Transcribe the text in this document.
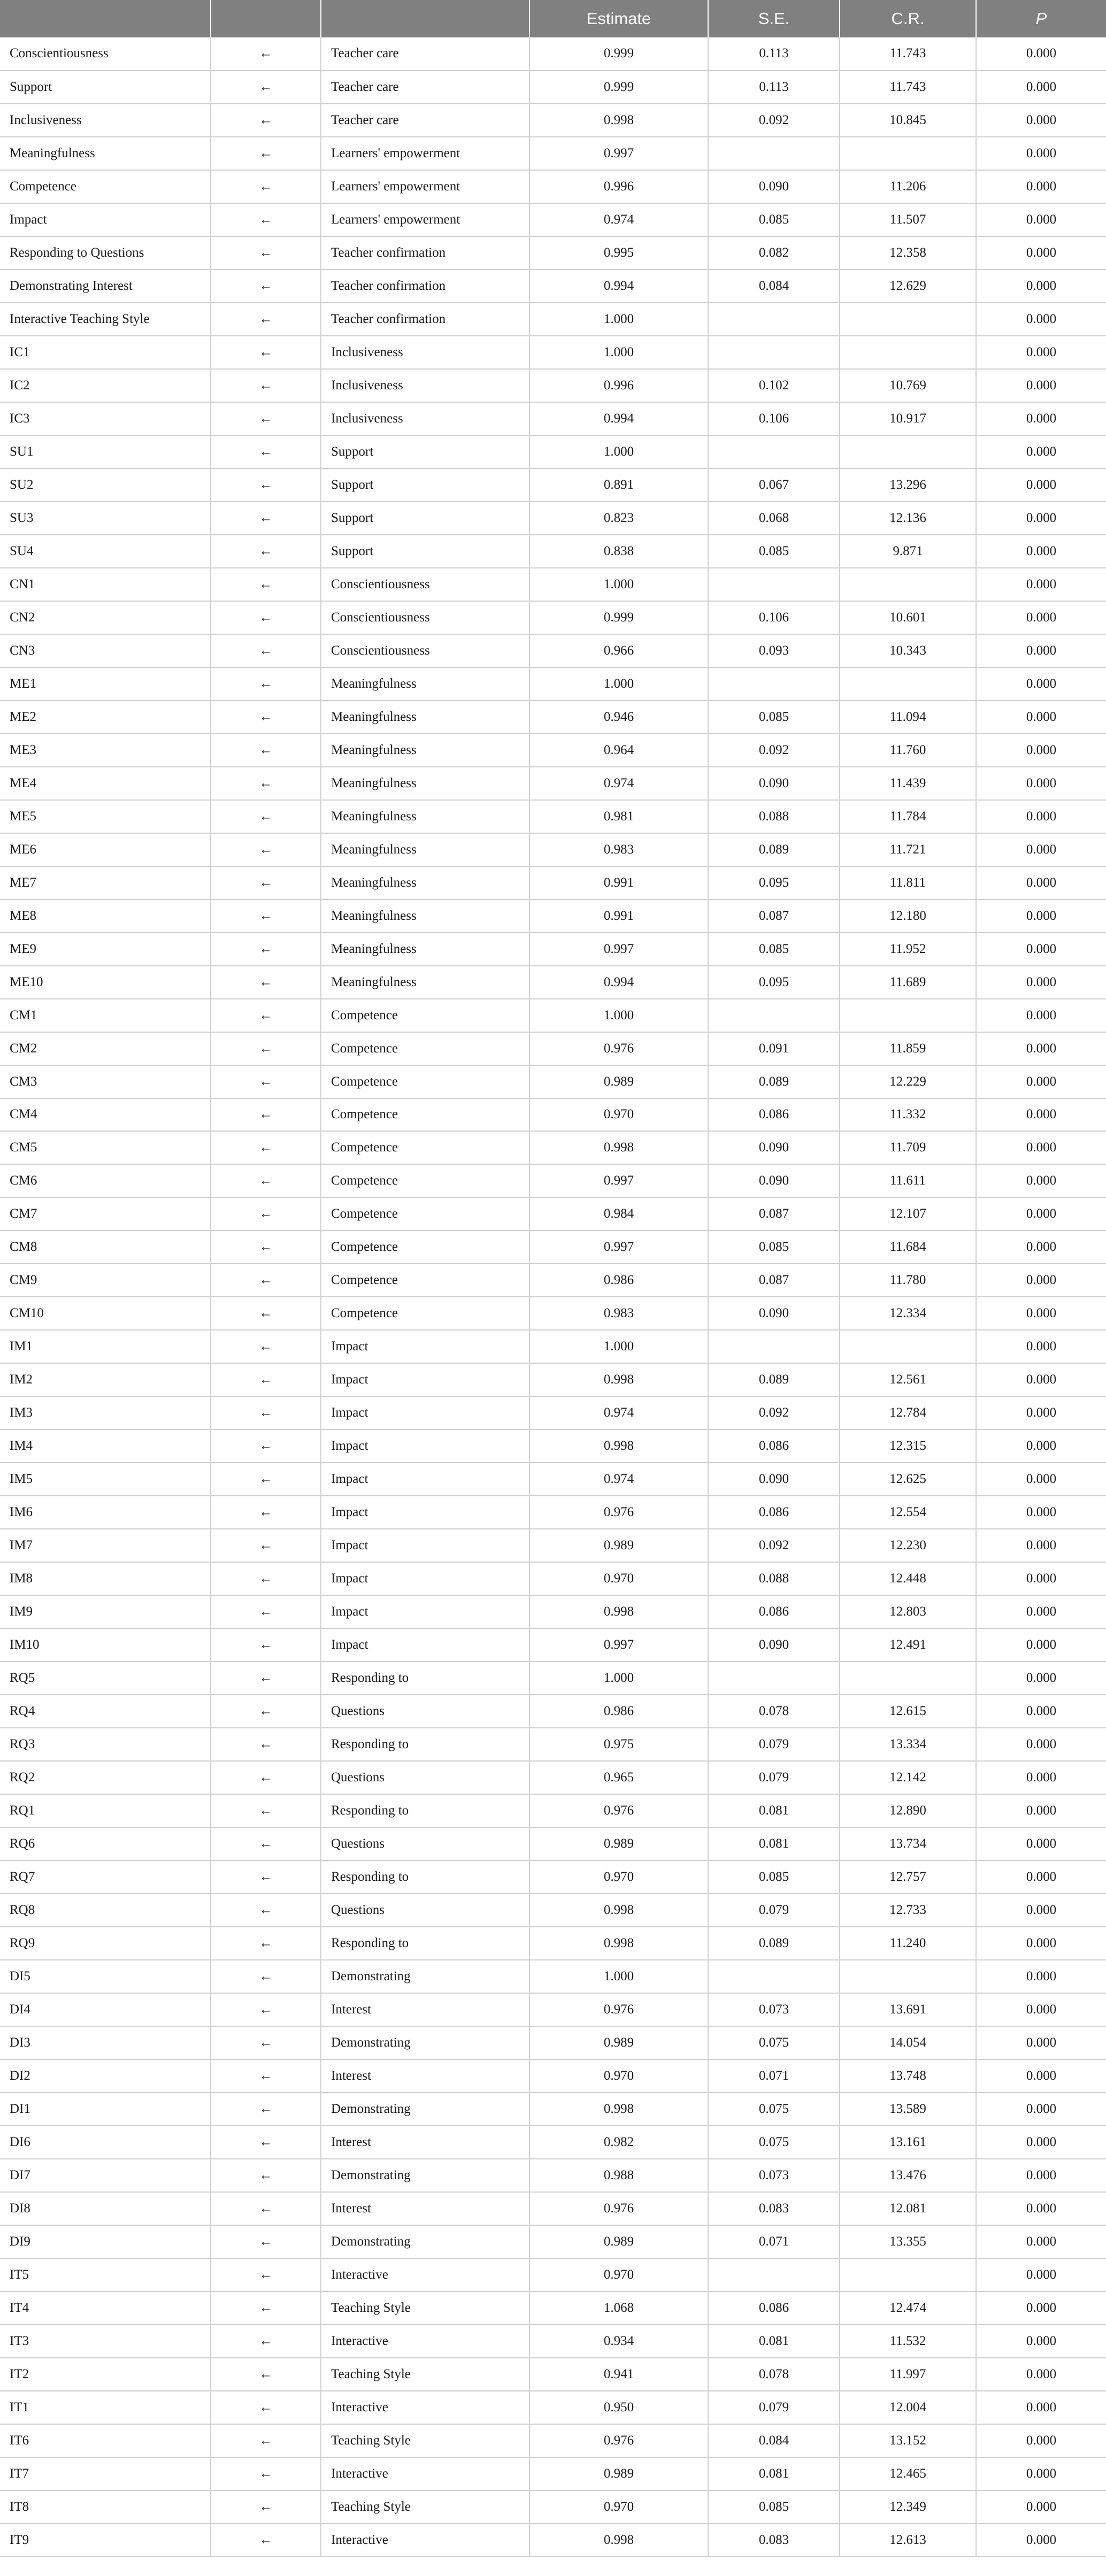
			Estimate	S.E.	C.R.	P
Conscientiousness	←	Teacher care	0.999	0.113	11.743	0.000
Support	←	Teacher care	0.999	0.113	11.743	0.000
Inclusiveness	←	Teacher care	0.998	0.092	10.845	0.000
Meaningfulness	←	Learners' empowerment	0.997			0.000
Competence	←	Learners' empowerment	0.996	0.090	11.206	0.000
Impact	←	Learners' empowerment	0.974	0.085	11.507	0.000
Responding to Questions	←	Teacher confirmation	0.995	0.082	12.358	0.000
Demonstrating Interest	←	Teacher confirmation	0.994	0.084	12.629	0.000
Interactive Teaching Style	←	Teacher confirmation	1.000			0.000
IC1	←	Inclusiveness	1.000			0.000
IC2	←	Inclusiveness	0.996	0.102	10.769	0.000
IC3	←	Inclusiveness	0.994	0.106	10.917	0.000
SU1	←	Support	1.000			0.000
SU2	←	Support	0.891	0.067	13.296	0.000
SU3	←	Support	0.823	0.068	12.136	0.000
SU4	←	Support	0.838	0.085	9.871	0.000
CN1	←	Conscientiousness	1.000			0.000
CN2	←	Conscientiousness	0.999	0.106	10.601	0.000
CN3	←	Conscientiousness	0.966	0.093	10.343	0.000
ME1	←	Meaningfulness	1.000			0.000
ME2	←	Meaningfulness	0.946	0.085	11.094	0.000
ME3	←	Meaningfulness	0.964	0.092	11.760	0.000
ME4	←	Meaningfulness	0.974	0.090	11.439	0.000
ME5	←	Meaningfulness	0.981	0.088	11.784	0.000
ME6	←	Meaningfulness	0.983	0.089	11.721	0.000
ME7	←	Meaningfulness	0.991	0.095	11.811	0.000
ME8	←	Meaningfulness	0.991	0.087	12.180	0.000
ME9	←	Meaningfulness	0.997	0.085	11.952	0.000
ME10	←	Meaningfulness	0.994	0.095	11.689	0.000
CM1	←	Competence	1.000			0.000
CM2	←	Competence	0.976	0.091	11.859	0.000
CM3	←	Competence	0.989	0.089	12.229	0.000
CM4	←	Competence	0.970	0.086	11.332	0.000
CM5	←	Competence	0.998	0.090	11.709	0.000
CM6	←	Competence	0.997	0.090	11.611	0.000
CM7	←	Competence	0.984	0.087	12.107	0.000
CM8	←	Competence	0.997	0.085	11.684	0.000
CM9	←	Competence	0.986	0.087	11.780	0.000
CM10	←	Competence	0.983	0.090	12.334	0.000
IM1	←	Impact	1.000			0.000
IM2	←	Impact	0.998	0.089	12.561	0.000
IM3	←	Impact	0.974	0.092	12.784	0.000
IM4	←	Impact	0.998	0.086	12.315	0.000
IM5	←	Impact	0.974	0.090	12.625	0.000
IM6	←	Impact	0.976	0.086	12.554	0.000
IM7	←	Impact	0.989	0.092	12.230	0.000
IM8	←	Impact	0.970	0.088	12.448	0.000
IM9	←	Impact	0.998	0.086	12.803	0.000
IM10	←	Impact	0.997	0.090	12.491	0.000
RQ5	←	Responding to	1.000			0.000
RQ4	←	Questions	0.986	0.078	12.615	0.000
RQ3	←	Responding to	0.975	0.079	13.334	0.000
RQ2	←	Questions	0.965	0.079	12.142	0.000
RQ1	←	Responding to	0.976	0.081	12.890	0.000
RQ6	←	Questions	0.989	0.081	13.734	0.000
RQ7	←	Responding to	0.970	0.085	12.757	0.000
RQ8	←	Questions	0.998	0.079	12.733	0.000
RQ9	←	Responding to	0.998	0.089	11.240	0.000
DI5	←	Demonstrating	1.000			0.000
DI4	←	Interest	0.976	0.073	13.691	0.000
DI3	←	Demonstrating	0.989	0.075	14.054	0.000
DI2	←	Interest	0.970	0.071	13.748	0.000
DI1	←	Demonstrating	0.998	0.075	13.589	0.000
DI6	←	Interest	0.982	0.075	13.161	0.000
DI7	←	Demonstrating	0.988	0.073	13.476	0.000
DI8	←	Interest	0.976	0.083	12.081	0.000
DI9	←	Demonstrating	0.989	0.071	13.355	0.000
IT5	←	Interactive	0.970			0.000
IT4	←	Teaching Style	1.068	0.086	12.474	0.000
IT3	←	Interactive	0.934	0.081	11.532	0.000
IT2	←	Teaching Style	0.941	0.078	11.997	0.000
IT1	←	Interactive	0.950	0.079	12.004	0.000
IT6	←	Teaching Style	0.976	0.084	13.152	0.000
IT7	←	Interactive	0.989	0.081	12.465	0.000
IT8	←	Teaching Style	0.970	0.085	12.349	0.000
IT9	←	Interactive	0.998	0.083	12.613	0.000
